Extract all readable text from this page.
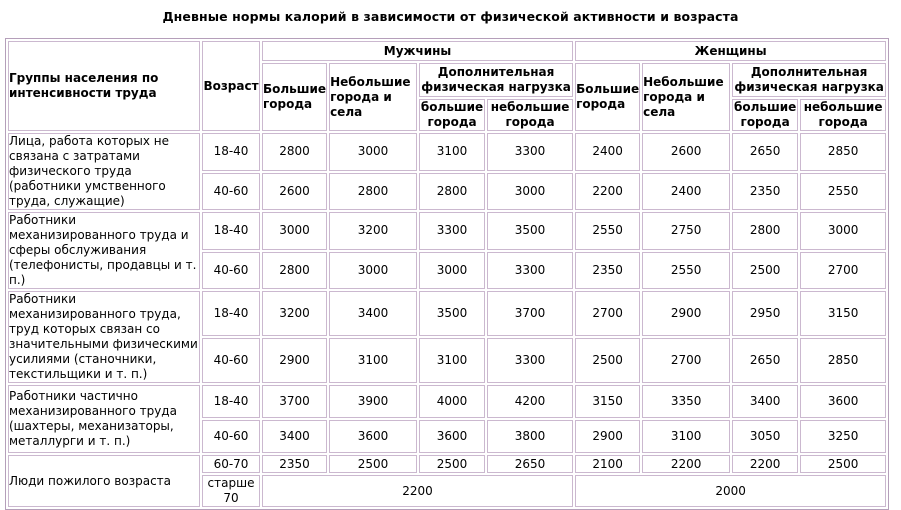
Дневные нормы калорий в зависимости от физической активности и возраста
Группы населения по интенсивности труда	Возраст	Мужчины				Женщины			
		Большие города	Небольшие города и села	Дополнительная физическая нагрузка		Большие города	Небольшие города и села	Дополнительная физическая нагрузка	
				большие города	небольшие города			большие города	небольшие города
Лица, работа которых не связана с затратами физического труда (работники умственного труда, служащие)	18-40	2800	3000	3100	3300	2400	2600	2650	2850
	40-60	2600	2800	2800	3000	2200	2400	2350	2550
Работники механизированного труда и сферы обслуживания (телефонисты, продавцы и т. п.)	18-40	3000	3200	3300	3500	2550	2750	2800	3000
	40-60	2800	3000	3000	3300	2350	2550	2500	2700
Работники механизированного труда, труд которых связан со значительными физическими усилиями (станочники, текстильщики и т. п.)	18-40	3200	3400	3500	3700	2700	2900	2950	3150
	40-60	2900	3100	3100	3300	2500	2700	2650	2850
Работники частично механизированного труда (шахтеры, механизаторы, металлурги и т. п.)	18-40	3700	3900	4000	4200	3150	3350	3400	3600
	40-60	3400	3600	3600	3800	2900	3100	3050	3250
Люди пожилого возраста	60-70	2350	2500	2500	2650	2100	2200	2200	2500
	старше 70	2200				2000			
